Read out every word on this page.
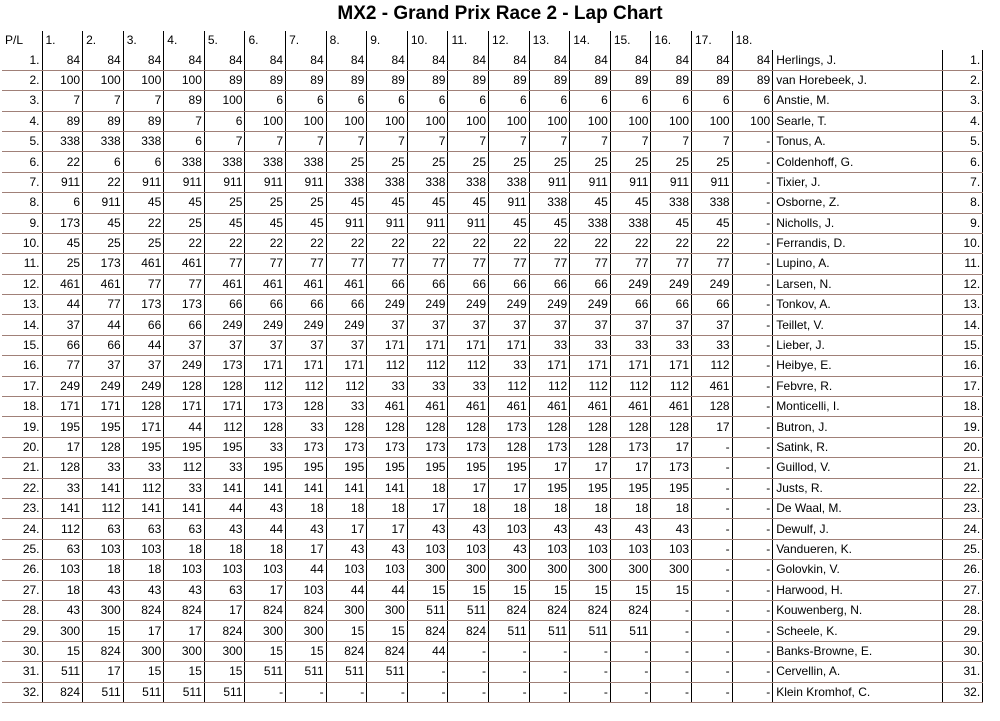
MX2 - Grand Prix Race 2 - Lap Chart
P/L	1.	2.	3.	4.	5.	6.	7.	8.	9.	10.	11.	12.	13.	14.	15.	16.	17.	18.		
1.	84	84	84	84	84	84	84	84	84	84	84	84	84	84	84	84	84	84	Herlings, J.	1.
2.	100	100	100	100	89	89	89	89	89	89	89	89	89	89	89	89	89	89	van Horebeek, J.	2.
3.	7	7	7	89	100	6	6	6	6	6	6	6	6	6	6	6	6	6	Anstie, M.	3.
4.	89	89	89	7	6	100	100	100	100	100	100	100	100	100	100	100	100	100	Searle, T.	4.
5.	338	338	338	6	7	7	7	7	7	7	7	7	7	7	7	7	7	-	Tonus, A.	5.
6.	22	6	6	338	338	338	338	25	25	25	25	25	25	25	25	25	25	-	Coldenhoff, G.	6.
7.	911	22	911	911	911	911	911	338	338	338	338	338	911	911	911	911	911	-	Tixier, J.	7.
8.	6	911	45	45	25	25	25	45	45	45	45	911	338	45	45	338	338	-	Osborne, Z.	8.
9.	173	45	22	25	45	45	45	911	911	911	911	45	45	338	338	45	45	-	Nicholls, J.	9.
10.	45	25	25	22	22	22	22	22	22	22	22	22	22	22	22	22	22	-	Ferrandis, D.	10.
11.	25	173	461	461	77	77	77	77	77	77	77	77	77	77	77	77	77	-	Lupino, A.	11.
12.	461	461	77	77	461	461	461	461	66	66	66	66	66	66	249	249	249	-	Larsen, N.	12.
13.	44	77	173	173	66	66	66	66	249	249	249	249	249	249	66	66	66	-	Tonkov, A.	13.
14.	37	44	66	66	249	249	249	249	37	37	37	37	37	37	37	37	37	-	Teillet, V.	14.
15.	66	66	44	37	37	37	37	37	171	171	171	171	33	33	33	33	33	-	Lieber, J.	15.
16.	77	37	37	249	173	171	171	171	112	112	112	33	171	171	171	171	112	-	Heibye, E.	16.
17.	249	249	249	128	128	112	112	112	33	33	33	112	112	112	112	112	461	-	Febvre, R.	17.
18.	171	171	128	171	171	173	128	33	461	461	461	461	461	461	461	461	128	-	Monticelli, I.	18.
19.	195	195	171	44	112	128	33	128	128	128	128	173	128	128	128	128	17	-	Butron, J.	19.
20.	17	128	195	195	195	33	173	173	173	173	173	128	173	128	173	17	-	-	Satink, R.	20.
21.	128	33	33	112	33	195	195	195	195	195	195	195	17	17	17	173	-	-	Guillod, V.	21.
22.	33	141	112	33	141	141	141	141	141	18	17	17	195	195	195	195	-	-	Justs, R.	22.
23.	141	112	141	141	44	43	18	18	18	17	18	18	18	18	18	18	-	-	De Waal, M.	23.
24.	112	63	63	63	43	44	43	17	17	43	43	103	43	43	43	43	-	-	Dewulf, J.	24.
25.	63	103	103	18	18	18	17	43	43	103	103	43	103	103	103	103	-	-	Vandueren, K.	25.
26.	103	18	18	103	103	103	44	103	103	300	300	300	300	300	300	300	-	-	Golovkin, V.	26.
27.	18	43	43	43	63	17	103	44	44	15	15	15	15	15	15	15	-	-	Harwood, H.	27.
28.	43	300	824	824	17	824	824	300	300	511	511	824	824	824	824	-	-	-	Kouwenberg, N.	28.
29.	300	15	17	17	824	300	300	15	15	824	824	511	511	511	511	-	-	-	Scheele, K.	29.
30.	15	824	300	300	300	15	15	824	824	44	-	-	-	-	-	-	-	-	Banks-Browne, E.	30.
31.	511	17	15	15	15	511	511	511	511	-	-	-	-	-	-	-	-	-	Cervellin, A.	31.
32.	824	511	511	511	511	-	-	-	-	-	-	-	-	-	-	-	-	-	Klein Kromhof, C.	32.
